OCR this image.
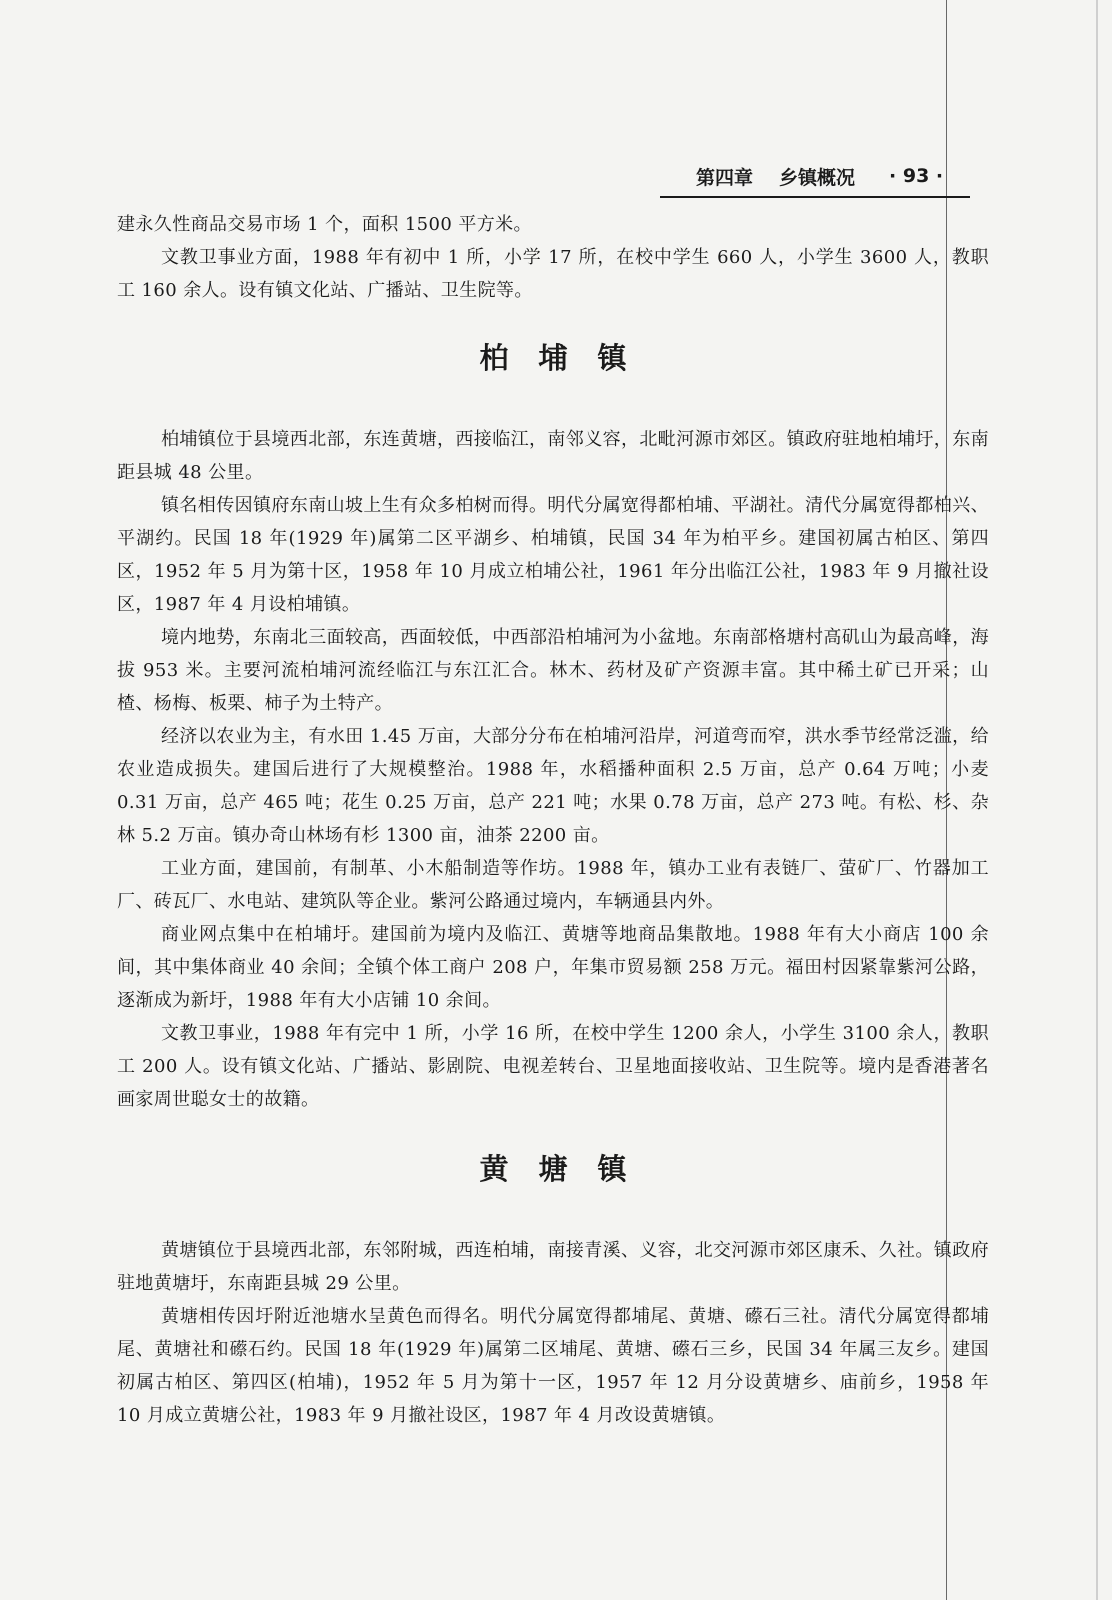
第四章 乡镇概况 · 93 ·

建永久性商品交易市场 1 个，面积 1500 平方米。

文教卫事业方面，1988 年有初中 1 所，小学 17 所，在校中学生 660 人，小学生 3600 人，教职工 160 余人。设有镇文化站、广播站、卫生院等。

柏埔镇

柏埔镇位于县境西北部，东连黄塘，西接临江，南邻义容，北毗河源市郊区。镇政府驻地柏埔圩，东南距县城 48 公里。

镇名相传因镇府东南山坡上生有众多柏树而得。明代分属宽得都柏埔、平湖社。清代分属宽得都柏兴、平湖约。民国 18 年(1929 年)属第二区平湖乡、柏埔镇，民国 34 年为柏平乡。建国初属古柏区、第四区，1952 年 5 月为第十区，1958 年 10 月成立柏埔公社，1961 年分出临江公社，1983 年 9 月撤社设区，1987 年 4 月设柏埔镇。

境内地势，东南北三面较高，西面较低，中西部沿柏埔河为小盆地。东南部格塘村高矶山为最高峰，海拔 953 米。主要河流柏埔河流经临江与东江汇合。林木、药材及矿产资源丰富。其中稀土矿已开采；山楂、杨梅、板栗、柿子为土特产。

经济以农业为主，有水田 1.45 万亩，大部分分布在柏埔河沿岸，河道弯而窄，洪水季节经常泛滥，给农业造成损失。建国后进行了大规模整治。1988 年，水稻播种面积 2.5 万亩，总产 0.64 万吨；小麦 0.31 万亩，总产 465 吨；花生 0.25 万亩，总产 221 吨；水果 0.78 万亩，总产 273 吨。有松、杉、杂林 5.2 万亩。镇办奇山林场有杉 1300 亩，油茶 2200 亩。

工业方面，建国前，有制革、小木船制造等作坊。1988 年，镇办工业有表链厂、萤矿厂、竹器加工厂、砖瓦厂、水电站、建筑队等企业。紫河公路通过境内，车辆通县内外。

商业网点集中在柏埔圩。建国前为境内及临江、黄塘等地商品集散地。1988 年有大小商店 100 余间，其中集体商业 40 余间；全镇个体工商户 208 户，年集市贸易额 258 万元。福田村因紧靠紫河公路，逐渐成为新圩，1988 年有大小店铺 10 余间。

文教卫事业，1988 年有完中 1 所，小学 16 所，在校中学生 1200 余人，小学生 3100 余人，教职工 200 人。设有镇文化站、广播站、影剧院、电视差转台、卫星地面接收站、卫生院等。境内是香港著名画家周世聪女士的故籍。

黄塘镇

黄塘镇位于县境西北部，东邻附城，西连柏埔，南接青溪、义容，北交河源市郊区康禾、久社。镇政府驻地黄塘圩，东南距县城 29 公里。

黄塘相传因圩附近池塘水呈黄色而得名。明代分属宽得都埔尾、黄塘、礤石三社。清代分属宽得都埔尾、黄塘社和礤石约。民国 18 年(1929 年)属第二区埔尾、黄塘、礤石三乡，民国 34 年属三友乡。建国初属古柏区、第四区(柏埔)，1952 年 5 月为第十一区，1957 年 12 月分设黄塘乡、庙前乡，1958 年 10 月成立黄塘公社，1983 年 9 月撤社设区，1987 年 4 月改设黄塘镇。
